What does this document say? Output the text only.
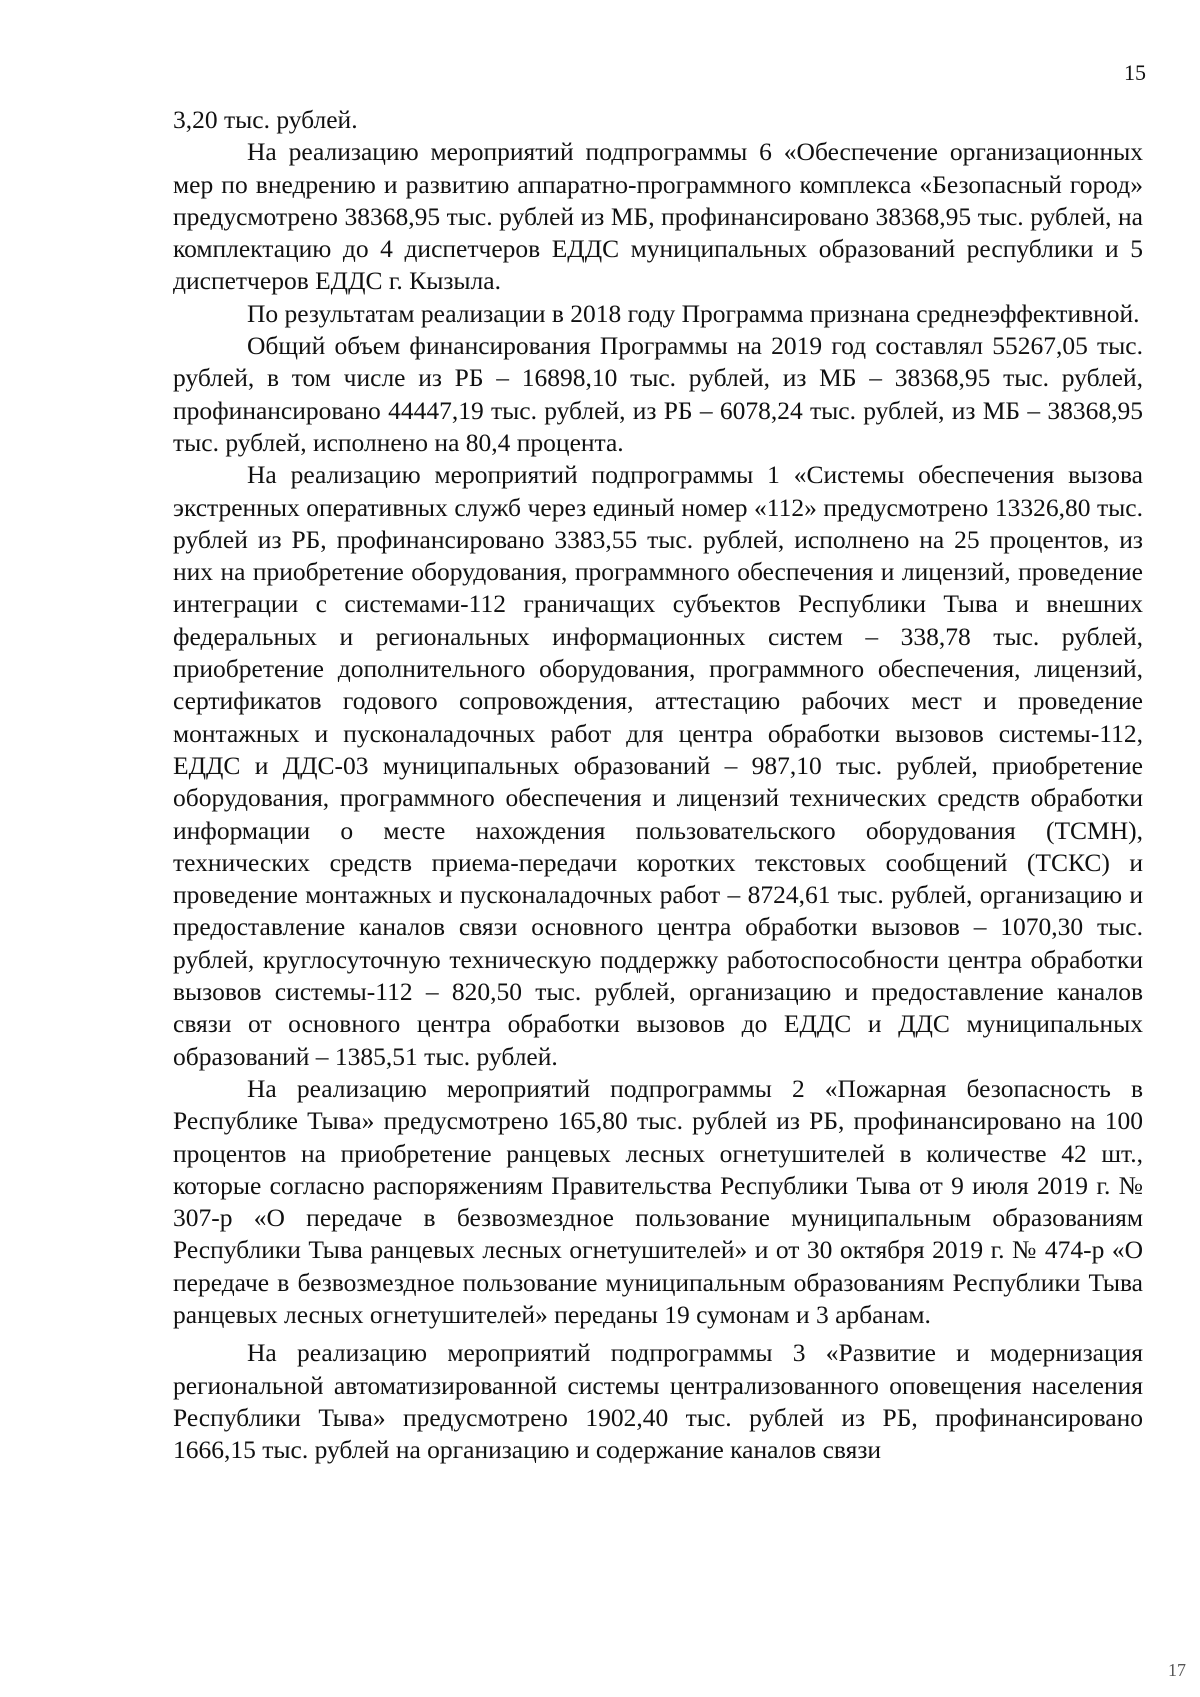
15

3,20 тыс. рублей.

На реализацию мероприятий подпрограммы 6 «Обеспечение организационных мер по внедрению и развитию аппаратно-программного комплекса «Безопасный город» предусмотрено 38368,95 тыс. рублей из МБ, профинансировано 38368,95 тыс. рублей, на комплектацию до 4 диспетчеров ЕДДС муниципальных образований республики и 5 диспетчеров ЕДДС г. Кызыла.

По результатам реализации в 2018 году Программа признана среднеэффективной.

Общий объем финансирования Программы на 2019 год составлял 55267,05 тыс. рублей, в том числе из РБ – 16898,10 тыс. рублей, из МБ – 38368,95 тыс. рублей, профинансировано 44447,19 тыс. рублей, из РБ – 6078,24 тыс. рублей, из МБ – 38368,95 тыс. рублей, исполнено на 80,4 процента.

На реализацию мероприятий подпрограммы 1 «Системы обеспечения вызова экстренных оперативных служб через единый номер «112» предусмотрено 13326,80 тыс. рублей из РБ, профинансировано 3383,55 тыс. рублей, исполнено на 25 процентов, из них на приобретение оборудования, программного обеспечения и лицензий, проведение интеграции с системами-112 граничащих субъектов Республики Тыва и внешних федеральных и региональных информационных систем – 338,78 тыс. рублей, приобретение дополнительного оборудования, программного обеспечения, лицензий, сертификатов годового сопровождения, аттестацию рабочих мест и проведение монтажных и пусконаладочных работ для центра обработки вызовов системы-112, ЕДДС и ДДС-03 муниципальных образований – 987,10 тыс. рублей, приобретение оборудования, программного обеспечения и лицензий технических средств обработки информации о месте нахождения пользовательского оборудования (ТСМН), технических средств приема-передачи коротких текстовых сообщений (ТСКС) и проведение монтажных и пусконаладочных работ – 8724,61 тыс. рублей, организацию и предоставление каналов связи основного центра обработки вызовов – 1070,30 тыс. рублей, круглосуточную техническую поддержку работоспособности центра обработки вызовов системы-112 – 820,50 тыс. рублей, организацию и предоставление каналов связи от основного центра обработки вызовов до ЕДДС и ДДС муниципальных образований – 1385,51 тыс. рублей.

На реализацию мероприятий подпрограммы 2 «Пожарная безопасность в Республике Тыва» предусмотрено 165,80 тыс. рублей из РБ, профинансировано на 100 процентов на приобретение ранцевых лесных огнетушителей в количестве 42 шт., которые согласно распоряжениям Правительства Республики Тыва от 9 июля 2019 г. № 307-р «О передаче в безвозмездное пользование муниципальным образованиям Республики Тыва ранцевых лесных огнетушителей» и от 30 октября 2019 г. № 474-р «О передаче в безвозмездное пользование муниципальным образованиям Республики Тыва ранцевых лесных огнетушителей» переданы 19 сумонам и 3 арбанам.

На реализацию мероприятий подпрограммы 3 «Развитие и модернизация региональной автоматизированной системы централизованного оповещения населения Республики Тыва» предусмотрено 1902,40 тыс. рублей из РБ, профинансировано 1666,15 тыс. рублей на организацию и содержание каналов связи

17
